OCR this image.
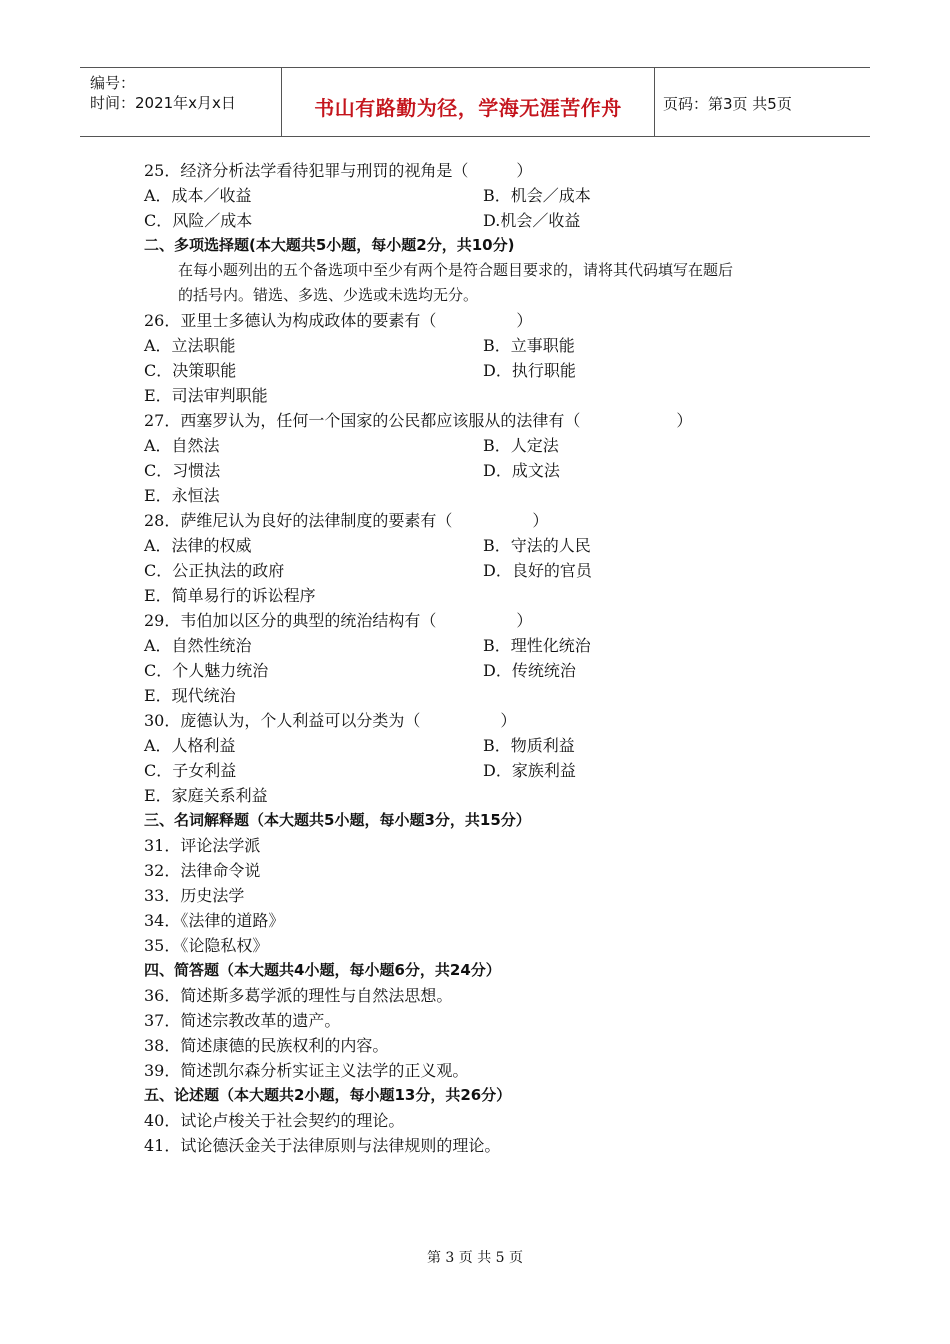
编号：
时间：2021年x月x日	书山有路勤为径，学海无涯苦作舟	页码：第3页 共5页
25．经济分析法学看待犯罪与刑罚的视角是（　　　）
A．成本／收益	B．机会／成本
C．风险／成本	D.机会／收益
二、多项选择题(本大题共5小题，每小题2分，共10分)
在每小题列出的五个备选项中至少有两个是符合题目要求的，请将其代码填写在题后
的括号内。错选、多选、少选或未选均无分。
26．亚里士多德认为构成政体的要素有（　　　　　）
A．立法职能	B．立事职能
C．决策职能	D．执行职能
E．司法审判职能
27．西塞罗认为，任何一个国家的公民都应该服从的法律有（　　　　　　）
A．自然法	B．人定法
C．习惯法	D．成文法
E．永恒法
28．萨维尼认为良好的法律制度的要素有（　　　　　）
A．法律的权威	B．守法的人民
C．公正执法的政府	D．良好的官员
E．简单易行的诉讼程序
29．韦伯加以区分的典型的统治结构有（　　　　　）
A．自然性统治	B．理性化统治
C．个人魅力统治	D．传统统治
E．现代统治
30．庞德认为，个人利益可以分类为（　　　　　）
A．人格利益	B．物质利益
C．子女利益	D．家族利益
E．家庭关系利益
三、名词解释题（本大题共5小题，每小题3分，共15分）
31．评论法学派
32．法律命令说
33．历史法学
34．《法律的道路》
35．《论隐私权》
四、简答题（本大题共4小题，每小题6分，共24分）
36．简述斯多葛学派的理性与自然法思想。
37．简述宗教改革的遗产。
38．简述康德的民族权利的内容。
39．简述凯尔森分析实证主义法学的正义观。
五、论述题（本大题共2小题，每小题13分，共26分）
40．试论卢梭关于社会契约的理论。
41．试论德沃金关于法律原则与法律规则的理论。
第 3 页 共 5 页
